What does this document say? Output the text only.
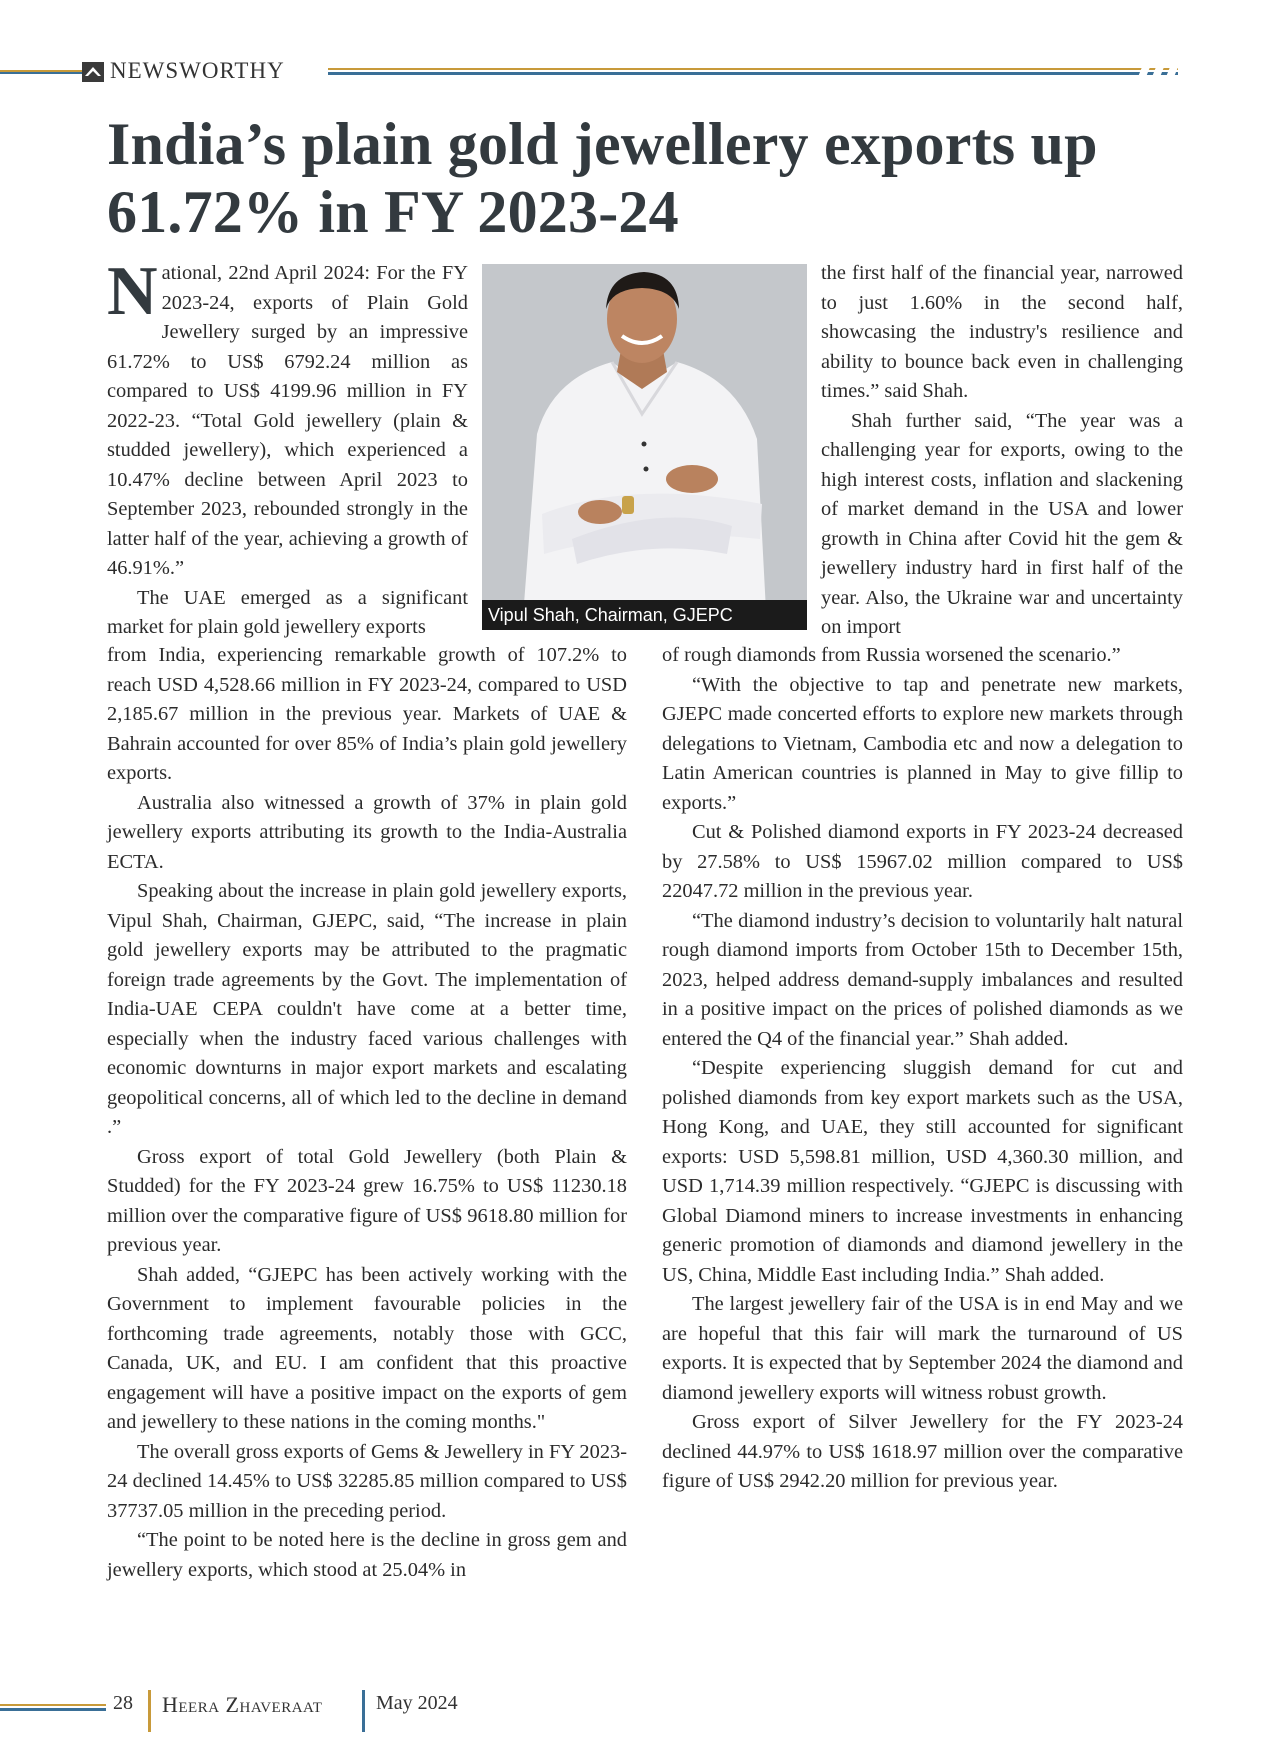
NEWSWORTHY
India’s plain gold jewellery exports up 61.72% in FY 2023-24

National, 22nd April 2024: For the FY 2023-24, exports of Plain Gold Jewellery surged by an impressive 61.72% to US$ 6792.24 million as compared to US$ 4199.96 million in FY 2022-23. “Total Gold jewellery (plain & studded jewellery), which experienced a 10.47% decline between April 2023 to September 2023, rebounded strongly in the latter half of the year, achieving a growth of 46.91%.”

The UAE emerged as a significant market for plain gold jewellery exports

Vipul Shah, Chairman, GJEPC

from India, experiencing remarkable growth of 107.2% to reach USD 4,528.66 million in FY 2023-24, compared to USD 2,185.67 million in the previous year. Markets of UAE & Bahrain accounted for over 85% of India’s plain gold jewellery exports.

Australia also witnessed a growth of 37% in plain gold jewellery exports attributing its growth to the India-Australia ECTA.

Speaking about the increase in plain gold jewellery exports, Vipul Shah, Chairman, GJEPC, said, “The increase in plain gold jewellery exports may be attributed to the pragmatic foreign trade agreements by the Govt. The implementation of India-UAE CEPA couldn't have come at a better time, especially when the industry faced various challenges with economic downturns in major export markets and escalating geopolitical concerns, all of which led to the decline in demand .”

Gross export of total Gold Jewellery (both Plain & Studded) for the FY 2023-24 grew 16.75% to US$ 11230.18 million over the comparative figure of US$ 9618.80 million for previous year.

Shah added, “GJEPC has been actively working with the Government to implement favourable policies in the forthcoming trade agreements, notably those with GCC, Canada, UK, and EU. I am confident that this proactive engagement will have a positive impact on the exports of gem and jewellery to these nations in the coming months."

The overall gross exports of Gems & Jewellery in FY 2023-24 declined 14.45% to US$ 32285.85 million compared to US$ 37737.05 million in the preceding period.

“The point to be noted here is the decline in gross gem and jewellery exports, which stood at 25.04% in

the first half of the financial year, narrowed to just 1.60% in the second half, showcasing the industry's resilience and ability to bounce back even in challenging times.” said Shah.

Shah further said, “The year was a challenging year for exports, owing to the high interest costs, inflation and slackening of market demand in the USA and lower growth in China after Covid hit the gem & jewellery industry hard in first half of the year. Also, the Ukraine war and uncertainty on import

of rough diamonds from Russia worsened the scenario.”

“With the objective to tap and penetrate new markets, GJEPC made concerted efforts to explore new markets through delegations to Vietnam, Cambodia etc and now a delegation to Latin American countries is planned in May to give fillip to exports.”

Cut & Polished diamond exports in FY 2023-24 decreased by 27.58% to US$ 15967.02 million compared to US$ 22047.72 million in the previous year.

“The diamond industry’s decision to voluntarily halt natural rough diamond imports from October 15th to December 15th, 2023, helped address demand-supply imbalances and resulted in a positive impact on the prices of polished diamonds as we entered the Q4 of the financial year.” Shah added.

“Despite experiencing sluggish demand for cut and polished diamonds from key export markets such as the USA, Hong Kong, and UAE, they still accounted for significant exports: USD 5,598.81 million, USD 4,360.30 million, and USD 1,714.39 million respectively. “GJEPC is discussing with Global Diamond miners to increase investments in enhancing generic promotion of diamonds and diamond jewellery in the US, China, Middle East including India.” Shah added.

The largest jewellery fair of the USA is in end May and we are hopeful that this fair will mark the turnaround of US exports. It is expected that by September 2024 the diamond and diamond jewellery exports will witness robust growth.

Gross export of Silver Jewellery for the FY 2023-24 declined 44.97% to US$ 1618.97 million over the comparative figure of US$ 2942.20 million for previous year.

28 Heera Zhaveraat	May 2024
